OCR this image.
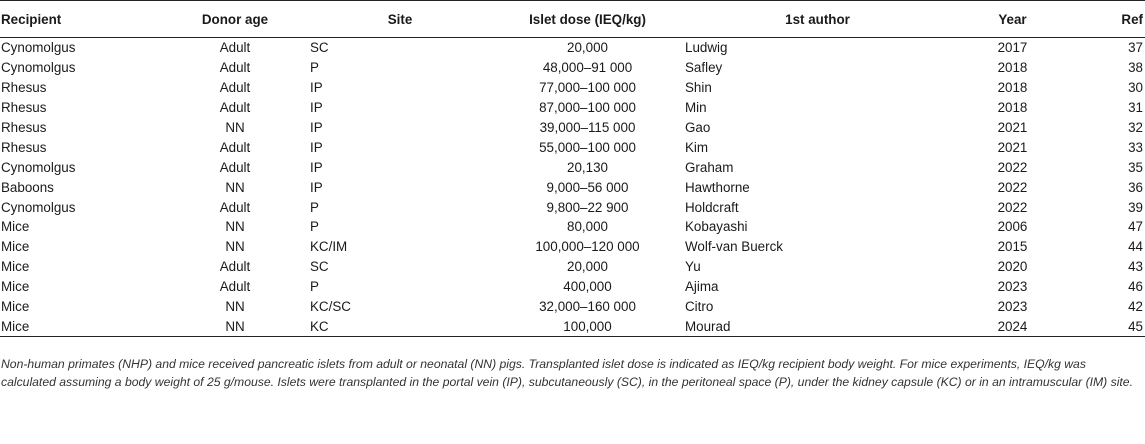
Recipient	Donor age	Site	Islet dose (IEQ/kg)	1st author	Year	Ref
Cynomolgus	Adult	SC	20,000	Ludwig	2017	37
Cynomolgus	Adult	P	48,000–91 000	Safley	2018	38
Rhesus	Adult	IP	77,000–100 000	Shin	2018	30
Rhesus	Adult	IP	87,000–100 000	Min	2018	31
Rhesus	NN	IP	39,000–115 000	Gao	2021	32
Rhesus	Adult	IP	55,000–100 000	Kim	2021	33
Cynomolgus	Adult	IP	20,130	Graham	2022	35
Baboons	NN	IP	9,000–56 000	Hawthorne	2022	36
Cynomolgus	Adult	P	9,800–22 900	Holdcraft	2022	39
Mice	NN	P	80,000	Kobayashi	2006	47
Mice	NN	KC/IM	100,000–120 000	Wolf-van Buerck	2015	44
Mice	Adult	SC	20,000	Yu	2020	43
Mice	Adult	P	400,000	Ajima	2023	46
Mice	NN	KC/SC	32,000–160 000	Citro	2023	42
Mice	NN	KC	100,000	Mourad	2024	45
Non-human primates (NHP) and mice received pancreatic islets from adult or neonatal (NN) pigs. Transplanted islet dose is indicated as IEQ/kg recipient body weight. For mice experiments, IEQ/kg was calculated assuming a body weight of 25 g/mouse. Islets were transplanted in the portal vein (IP), subcutaneously (SC), in the peritoneal space (P), under the kidney capsule (KC) or in an intramuscular (IM) site.
